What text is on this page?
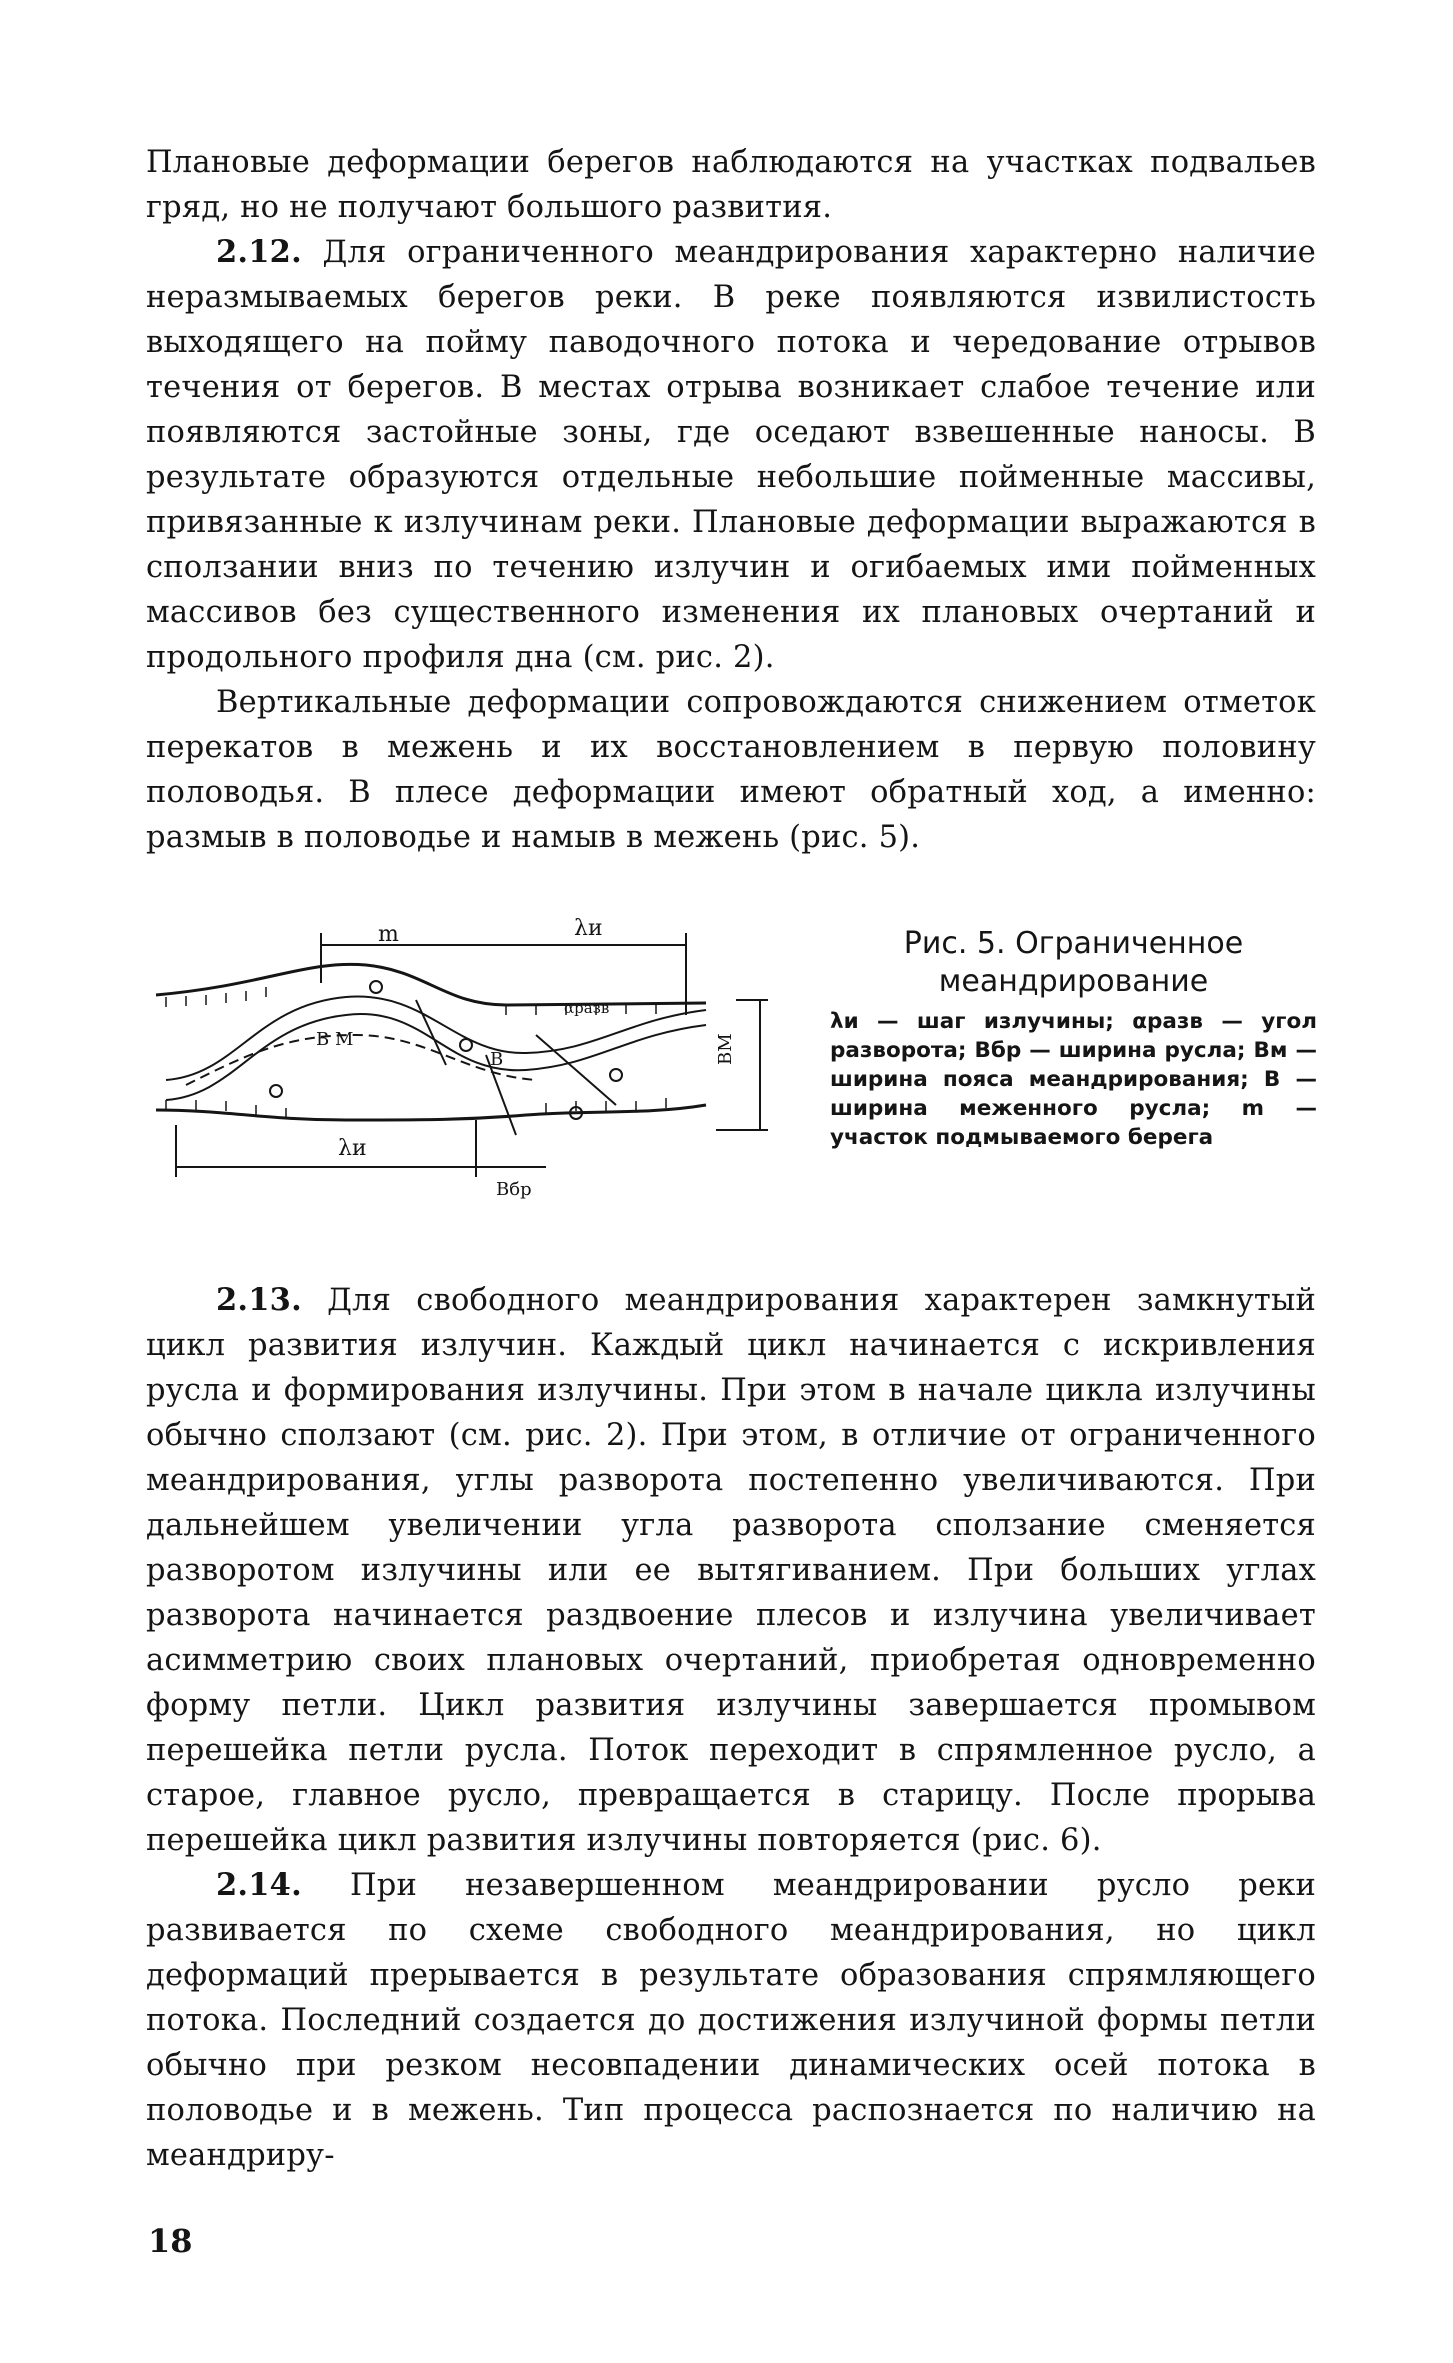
Плановые деформации берегов наблюдаются на участках подвальев гряд, но не получают большого развития.

2.12. Для ограниченного меандрирования характерно наличие неразмываемых берегов реки. В реке появляются извилистость выходящего на пойму паводочного потока и чередование отрывов течения от берегов. В местах отрыва возникает слабое течение или появляются застойные зоны, где оседают взвешенные наносы. В результате образуются отдельные небольшие пойменные массивы, привязанные к излучинам реки. Плановые деформации выражаются в сползании вниз по течению излучин и огибаемых ими пойменных массивов без существенного изменения их плановых очертаний и продольного профиля дна (см. рис. 2).

Вертикальные деформации сопровождаются снижением отметок перекатов в межень и их восстановлением в первую половину половодья. В плесе деформации имеют обратный ход, а именно: размыв в половодье и намыв в межень (рис. 5).

m	λи
λи
αразв
В М
В
Вбр
ВМ

Рис. 5. Ограниченное меандрирование

λи — шаг излучины; αразв — угол разворота; Вбр — ширина русла; Вм — ширина пояса меандрирования; В — ширина меженного русла; m — участок подмываемого берега

2.13. Для свободного меандрирования характерен замкнутый цикл развития излучин. Каждый цикл начинается с искривления русла и формирования излучины. При этом в начале цикла излучины обычно сползают (см. рис. 2). При этом, в отличие от ограниченного меандрирования, углы разворота постепенно увеличиваются. При дальнейшем увеличении угла разворота сползание сменяется разворотом излучины или ее вытягиванием. При больших углах разворота начинается раздвоение плесов и излучина увеличивает асимметрию своих плановых очертаний, приобретая одновременно форму петли. Цикл развития излучины завершается промывом перешейка петли русла. Поток переходит в спрямленное русло, а старое, главное русло, превращается в старицу. После прорыва перешейка цикл развития излучины повторяется (рис. 6).

2.14. При незавершенном меандрировании русло реки развивается по схеме свободного меандрирования, но цикл деформаций прерывается в результате образования спрямляющего потока. Последний создается до достижения излучиной формы петли обычно при резком несовпадении динамических осей потока в половодье и в межень. Тип процесса распознается по наличию на меандриру-

18
